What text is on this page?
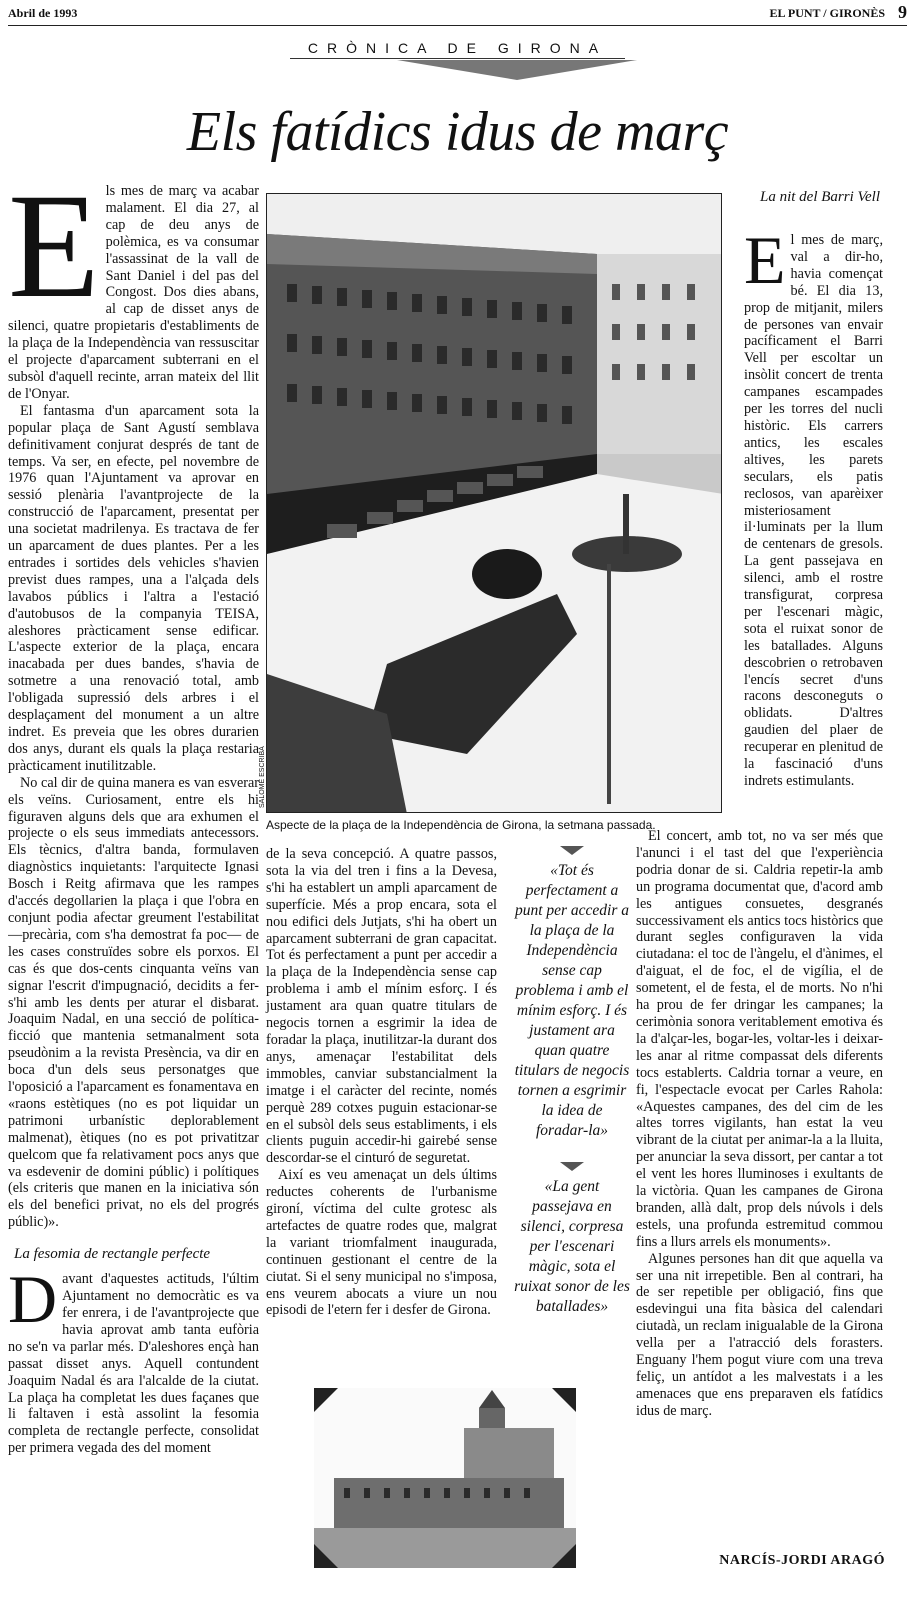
Abril de 1993	EL PUNT / GIRONÈS 9
CRÒNICA DE GIRONA
Els fatídics idus de març
E ls mes de març va acabar malament. El dia 27, al cap de deu anys de polèmica, es va consumar l'assassinat de la vall de Sant Daniel i del pas del Congost. Dos dies abans, al cap de disset anys de silenci, quatre propietaris d'establiments de la plaça de la Independència van ressuscitar el projecte d'aparcament subterrani en el subsòl d'aquell recinte, arran mateix del llit de l'Onyar.

El fantasma d'un aparcament sota la popular plaça de Sant Agustí semblava definitivament conjurat després de tant de temps. Va ser, en efecte, pel novembre de 1976 quan l'Ajuntament va aprovar en sessió plenària l'avantprojecte de la construcció de l'aparcament, presentat per una societat madrilenya. Es tractava de fer un aparcament de dues plantes. Per a les entrades i sortides dels vehicles s'havien previst dues rampes, una a l'alçada dels lavabos públics i l'altra a l'estació d'autobusos de la companyia TEISA, aleshores pràcticament sense edificar. L'aspecte exterior de la plaça, encara inacabada per dues bandes, s'havia de sotmetre a una renovació total, amb l'obligada supressió dels arbres i el desplaçament del monument a un altre indret. Es preveia que les obres durarien dos anys, durant els quals la plaça restaria pràcticament inutilitzable.

No cal dir de quina manera es van esverar els veïns. Curiosament, entre els hi figuraven alguns dels que ara exhumen el projecte o els seus immediats antecessors. Els tècnics, d'altra banda, formulaven diagnòstics inquietants: l'arquitecte Ignasi Bosch i Reitg afirmava que les rampes d'accés degollarien la plaça i que l'obra en conjunt podia afectar greument l'estabilitat —precària, com s'ha demostrat fa poc— de les cases construïdes sobre els porxos. El cas és que dos-cents cinquanta veïns van signar l'escrit d'impugnació, decidits a fer-s'hi amb les dents per aturar el disbarat. Joaquim Nadal, en una secció de política-ficció que mantenia setmanalment sota pseudònim a la revista Presència, va dir en boca d'un dels seus personatges que l'oposició a l'aparcament es fonamentava en «raons estètiques (no es pot liquidar un patrimoni urbanístic deplorablement malmenat), ètiques (no es pot privatitzar quelcom que fa relativament pocs anys que va esdevenir de domini públic) i polítiques (els criteris que manen en la iniciativa són els del benefici privat, no els del progrés públic)».

La fesomia de rectangle perfecte
D avant d'aquestes actituds, l'últim Ajuntament no democràtic es va fer enrera, i de l'avantprojecte que havia aprovat amb tanta eufòria no se'n va parlar més. D'aleshores ençà han passat disset anys. Aquell contundent Joaquim Nadal és ara l'alcalde de la ciutat. La plaça ha completat les dues façanes que li faltaven i està assolint la fesomia completa de rectangle perfecte, consolidat per primera vegada des del moment

SALOMÉ ESCRIBÀ
Aspecte de la plaça de la Independència de Girona, la setmana passada.

de la seva concepció. A quatre passos, sota la via del tren i fins a la Devesa, s'hi ha establert un ampli aparcament de superfície. Més a prop encara, sota el nou edifici dels Jutjats, s'hi ha obert un aparcament subterrani de gran capacitat. Tot és perfectament a punt per accedir a la plaça de la Independència sense cap problema i amb el mínim esforç. I és justament ara quan quatre titulars de negocis tornen a esgrimir la idea de foradar la plaça, inutilitzar-la durant dos anys, amenaçar l'estabilitat dels immobles, canviar substancialment la imatge i el caràcter del recinte, només perquè 289 cotxes puguin estacionar-se en el subsòl dels seus establiments, i els clients puguin accedir-hi gairebé sense descordar-se el cinturó de seguretat.

Així es veu amenaçat un dels últims reductes coherents de l'urbanisme gironí, víctima del culte grotesc als artefactes de quatre rodes que, malgrat la variant triomfalment inaugurada, continuen gestionant el centre de la ciutat. Si el seny municipal no s'imposa, ens veurem abocats a viure un nou episodi de l'etern fer i desfer de Girona.

«Tot és perfectament a punt per accedir a la plaça de la Independència sense cap problema i amb el mínim esforç. I és justament ara quan quatre titulars de negocis tornen a esgrimir la idea de foradar-la»
«La gent passejava en silenci, corpresa per l'escenari màgic, sota el ruixat sonor de les batallades»
La nit del Barri Vell
E l mes de març, val a dir-ho, havia començat bé. El dia 13, prop de mitjanit, milers de persones van envair pacíficament el Barri Vell per escoltar un insòlit concert de trenta campanes escampades per les torres del nucli històric. Els carrers antics, les escales altives, les parets seculars, els patis reclosos, van aparèixer misteriosament il·luminats per la llum de centenars de gresols. La gent passejava en silenci, amb el rostre transfigurat, corpresa per l'escenari màgic, sota el ruixat sonor de les batallades. Alguns descobrien o retrobaven l'encís secret d'uns racons desconeguts o oblidats. D'altres gaudien del plaer de recuperar en plenitud de la fascinació d'uns indrets estimulants.

El concert, amb tot, no va ser més que l'anunci i el tast del que l'experiència podria donar de si. Caldria repetir-la amb un programa documentat que, d'acord amb les antigues consuetes, desgranés successivament els antics tocs històrics que durant segles configuraven la vida ciutadana: el toc de l'àngelu, el d'ànimes, el d'aiguat, el de foc, el de vigília, el de sometent, el de festa, el de morts. No n'hi ha prou de fer dringar les campanes; la cerimònia sonora veritablement emotiva és la d'alçar-les, bogar-les, voltar-les i deixar-les anar al ritme compassat dels diferents tocs establerts. Caldria tornar a veure, en fi, l'espectacle evocat per Carles Rahola: «Aquestes campanes, des del cim de les altes torres vigilants, han estat la veu vibrant de la ciutat per animar-la a la lluita, per anunciar la seva dissort, per cantar a tot el vent les hores lluminoses i exultants de la victòria. Quan les campanes de Girona branden, allà dalt, prop dels núvols i dels estels, una profunda estremitud commou fins a llurs arrels els monuments».

Algunes persones han dit que aquella va ser una nit irrepetible. Ben al contrari, ha de ser repetible per obligació, fins que esdevingui una fita bàsica del calendari ciutadà, un reclam inigualable de la Girona vella per a l'atracció dels forasters. Enguany l'hem pogut viure com una treva feliç, un antídot a les malvestats i a les amenaces que ens preparaven els fatídics idus de març.

NARCÍS-JORDI ARAGÓ
